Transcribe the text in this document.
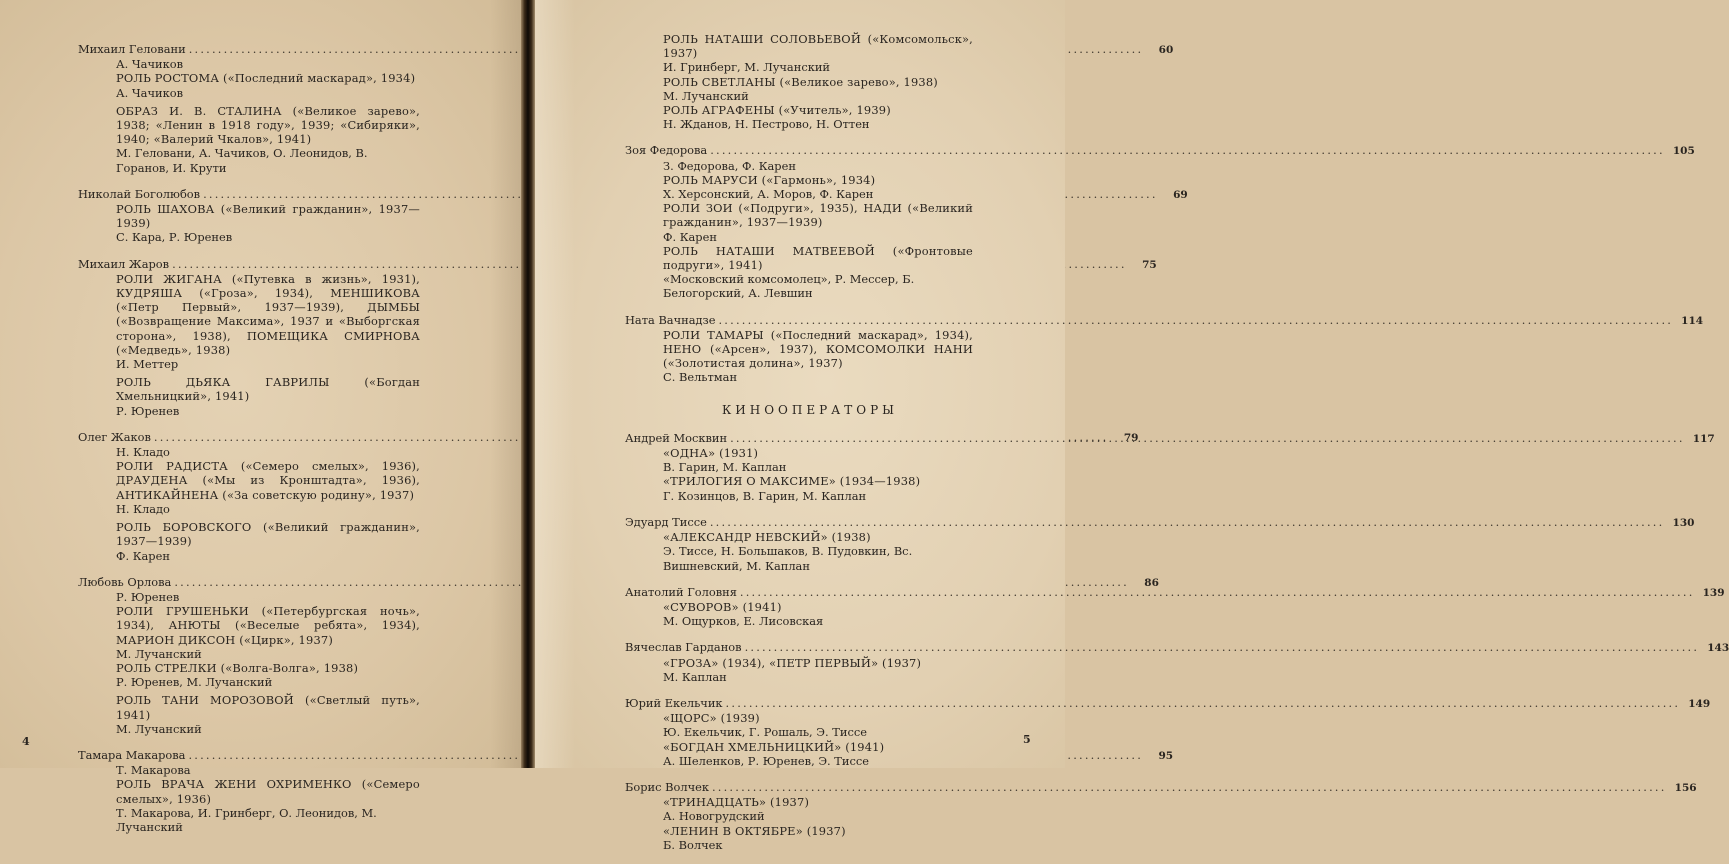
Михаил Геловани .....	60
А. Чачиков
РОЛЬ РОСТОМА («Последний маскарад», 1934)
А. Чачиков
ОБРАЗ И. В. СТАЛИНА («Великое зарево», 1938; «Ленин в 1918 году», 1939; «Сибиряки», 1940; «Валерий Чкалов», 1941)
М. Геловани, А. Чачиков, О. Леонидов, В. Горанов, И. Крути
Николай Боголюбов .....	69
РОЛЬ ШАХОВА («Великий гражданин», 1937—1939)
С. Кара, Р. Юренев
Михаил Жаров .....	75
РОЛИ ЖИГАНА («Путевка в жизнь», 1931), КУДРЯША («Гроза», 1934), МЕНШИКОВА («Петр Первый», 1937—1939), ДЫМБЫ («Возвращение Максима», 1937 и «Выборгская сторона», 1938), ПОМЕЩИКА СМИРНОВА («Медведь», 1938)
И. Меттер
РОЛЬ ДЬЯКА ГАВРИЛЫ («Богдан Хмельницкий», 1941)
Р. Юренев
Олег Жаков .....	79
Н. Кладо
РОЛИ РАДИСТА («Семеро смелых», 1936), ДРАУДЕНА («Мы из Кронштадта», 1936), АНТИКАЙНЕНА («За советскую родину», 1937)
Н. Кладо
РОЛЬ БОРОВСКОГО («Великий гражданин», 1937—1939)
Ф. Карен
Любовь Орлова .....	86
Р. Юренев
РОЛИ ГРУШЕНЬКИ («Петербургская ночь», 1934), АНЮТЫ («Веселые ребята», 1934), МАРИОН ДИКСОН («Цирк», 1937)
М. Лучанский
РОЛЬ СТРЕЛКИ («Волга-Волга», 1938)
Р. Юренев, М. Лучанский
РОЛЬ ТАНИ МОРОЗОВОЙ («Светлый путь», 1941)
М. Лучанский
Тамара Макарова .....	95
Т. Макарова
РОЛЬ ВРАЧА ЖЕНИ ОХРИМЕНКО («Семеро смелых», 1936)
Т. Макарова, И. Гринберг, О. Леонидов, М. Лучанский
4
РОЛЬ НАТАШИ СОЛОВЬЕВОЙ («Комсомольск», 1937)
И. Гринберг, М. Лучанский
РОЛЬ СВЕТЛАНЫ («Великое зарево», 1938)
М. Лучанский
РОЛЬ АГРАФЕНЫ («Учитель», 1939)
Н. Жданов, Н. Пестрово, Н. Оттен
Зоя Федорова .....	105
З. Федорова, Ф. Карен
РОЛЬ МАРУСИ («Гармонь», 1934)
Х. Херсонский, А. Моров, Ф. Карен
РОЛИ ЗОИ («Подруги», 1935), НАДИ («Великий гражданин», 1937—1939)
Ф. Карен
РОЛЬ НАТАШИ МАТВЕЕВОЙ («Фронтовые подруги», 1941)
«Московский комсомолец», Р. Мессер, Б. Белогорский, А. Левшин
Ната Вачнадзе .....	114
РОЛИ ТАМАРЫ («Последний маскарад», 1934), НЕНО («Арсен», 1937), КОМСОМОЛКИ НАНИ («Золотистая долина», 1937)
С. Вельтман
КИНООПЕРАТОРЫ
Андрей Москвин .....	117
«ОДНА» (1931)
В. Гарин, М. Каплан
«ТРИЛОГИЯ О МАКСИМЕ» (1934—1938)
Г. Козинцов, В. Гарин, М. Каплан
Эдуард Тиссе .....	130
«АЛЕКСАНДР НЕВСКИЙ» (1938)
Э. Тиссе, Н. Большаков, В. Пудовкин, Вс. Вишневский, М. Каплан
Анатолий Головня .....	139
«СУВОРОВ» (1941)
М. Ощурков, Е. Лисовская
Вячеслав Гарданов .....	143
«ГРОЗА» (1934), «ПЕТР ПЕРВЫЙ» (1937)
М. Каплан
Юрий Екельчик .....	149
«ЩОРС» (1939)
Ю. Екельчик, Г. Рошаль, Э. Тиссе
«БОГДАН ХМЕЛЬНИЦКИЙ» (1941)
А. Шеленков, Р. Юренев, Э. Тиссе
Борис Волчек .....	156
«ТРИНАДЦАТЬ» (1937)
А. Новогрудский
«ЛЕНИН В ОКТЯБРЕ» (1937)
Б. Волчек
5
